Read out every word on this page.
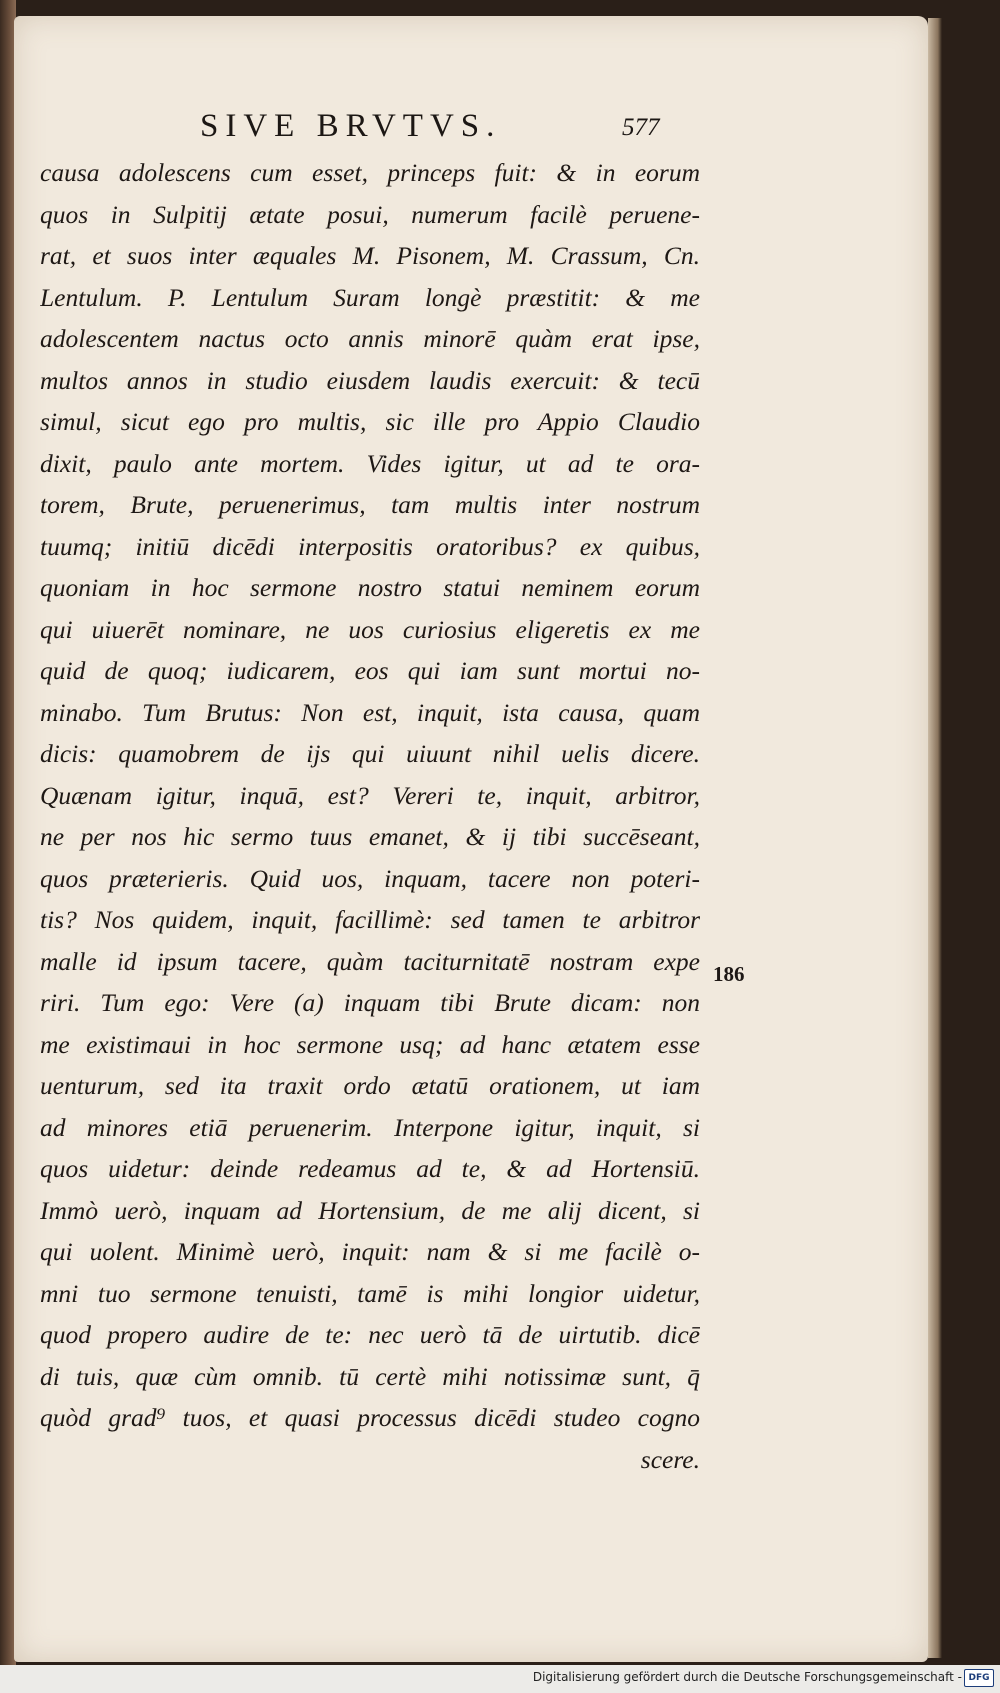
SIVE BRVTVS.	577
causa adolescens cum esset, princeps fuit: & in eorum
quos in Sulpitij ætate posui, numerum facilè peruene-
rat, et suos inter æquales M. Pisonem, M. Crassum, Cn.
Lentulum. P. Lentulum Suram longè præstitit: & me
adolescentem nactus octo annis minorē quàm erat ipse,
multos annos in studio eiusdem laudis exercuit: & tecū
simul, sicut ego pro multis, sic ille pro Appio Claudio
dixit, paulo ante mortem. Vides igitur, ut ad te ora-
torem, Brute, peruenerimus, tam multis inter nostrum
tuumq; initiū dicēdi interpositis oratoribus? ex quibus,
quoniam in hoc sermone nostro statui neminem eorum
qui uiuerēt nominare, ne uos curiosius eligeretis ex me
quid de quoq; iudicarem, eos qui iam sunt mortui no-
minabo. Tum Brutus: Non est, inquit, ista causa, quam
dicis: quamobrem de ijs qui uiuunt nihil uelis dicere.
Quænam igitur, inquā, est? Vereri te, inquit, arbitror,
ne per nos hic sermo tuus emanet, & ij tibi succēseant,
quos præterieris. Quid uos, inquam, tacere non poteri-
tis? Nos quidem, inquit, facillimè: sed tamen te arbitror
malle id ipsum tacere, quàm taciturnitatē nostram expe
riri. Tum ego: Vere (a) inquam tibi Brute dicam: non
me existimaui in hoc sermone usq; ad hanc ætatem esse
uenturum, sed ita traxit ordo ætatū orationem, ut iam
ad minores etiā peruenerim. Interpone igitur, inquit, si
quos uidetur: deinde redeamus ad te, & ad Hortensiū.
Immò uerò, inquam ad Hortensium, de me alij dicent, si
qui uolent. Minimè uerò, inquit: nam & si me facilè o-
mni tuo sermone tenuisti, tamē is mihi longior uidetur,
quod propero audire de te: nec uerò tā de uirtutib. dicē
di tuis, quæ cùm omnib. tū certè mihi notissimæ sunt, q̄
quòd grad⁹ tuos, et quasi processus dicēdi studeo cogno
scere.
186
Digitalisierung gefördert durch die Deutsche Forschungsgemeinschaft - DFG
